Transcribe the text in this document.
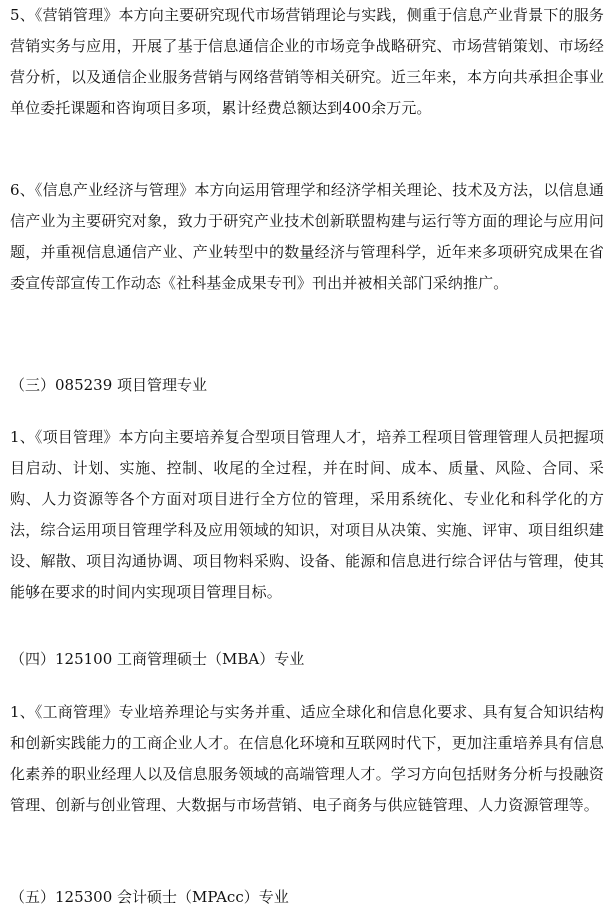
5、《营销管理》本方向主要研究现代市场营销理论与实践，侧重于信息产业背景下的服务营销实务与应用，开展了基于信息通信企业的市场竞争战略研究、市场营销策划、市场经营分析，以及通信企业服务营销与网络营销等相关研究。近三年来，本方向共承担企事业单位委托课题和咨询项目多项，累计经费总额达到400余万元。

6、《信息产业经济与管理》本方向运用管理学和经济学相关理论、技术及方法，以信息通信产业为主要研究对象，致力于研究产业技术创新联盟构建与运行等方面的理论与应用问题，并重视信息通信产业、产业转型中的数量经济与管理科学，近年来多项研究成果在省委宣传部宣传工作动态《社科基金成果专刊》刊出并被相关部门采纳推广。

（三）085239 项目管理专业

1、《项目管理》本方向主要培养复合型项目管理人才，培养工程项目管理管理人员把握项目启动、计划、实施、控制、收尾的全过程，并在时间、成本、质量、风险、合同、采购、人力资源等各个方面对项目进行全方位的管理，采用系统化、专业化和科学化的方法，综合运用项目管理学科及应用领域的知识，对项目从决策、实施、评审、项目组织建设、解散、项目沟通协调、项目物料采购、设备、能源和信息进行综合评估与管理，使其能够在要求的时间内实现项目管理目标。

（四）125100 工商管理硕士（MBA）专业

1、《工商管理》专业培养理论与实务并重、适应全球化和信息化要求、具有复合知识结构和创新实践能力的工商企业人才。在信息化环境和互联网时代下，更加注重培养具有信息化素养的职业经理人以及信息服务领域的高端管理人才。学习方向包括财务分析与投融资管理、创新与创业管理、大数据与市场营销、电子商务与供应链管理、人力资源管理等。

（五）125300 会计硕士（MPAcc）专业
